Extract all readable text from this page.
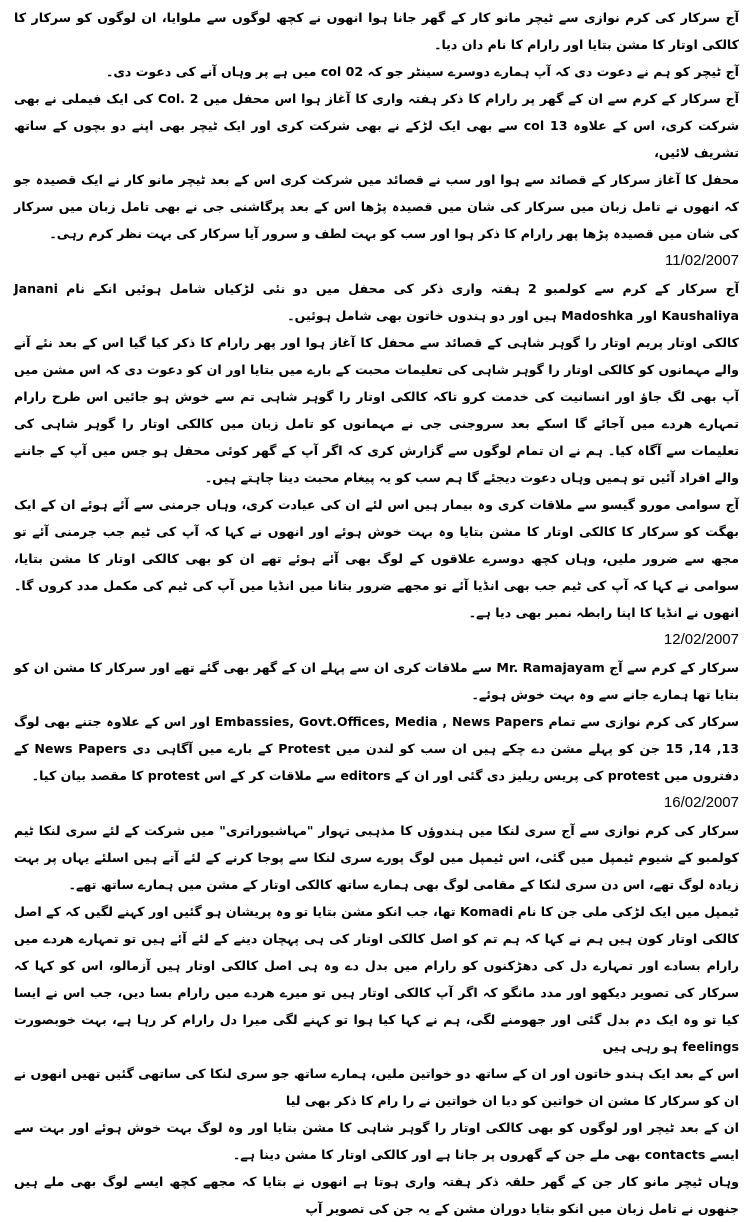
آج سرکار کی کرم نوازی سے ٹیچر مانو کار کے گھر جانا ہوا انھوں نے کچھ لوگوں سے ملوایا، ان لوگوں کو سرکار کا کالکی اوتار کا مشن بتایا اور رارام کا نام دان دیا۔

آج ٹیچر کو ہم نے دعوت دی کہ آپ ہمارے دوسرے سینٹر جو کہ 02 col میں ہے پر وہاں آنے کی دعوت دی۔

آج سرکار کے کرم سے ان کے گھر پر رارام کا ذکر ہفتہ واری کا آغاز ہوا اس محفل میں Col. 2 کی ایک فیملی نے بھی شرکت کری، اس کے علاوہ col 13 سے بھی ایک لڑکے نے بھی شرکت کری اور ایک ٹیچر بھی اپنے دو بچوں کے ساتھ تشریف لائیں،

محفل کا آغاز سرکار کے قصائد سے ہوا اور سب نے قصائد میں شرکت کری اس کے بعد ٹیچر مانو کار نے ایک قصیدہ جو کہ انھوں نے تامل زبان میں سرکار کی شان میں قصیدہ پڑھا اس کے بعد پرگاشنی جی نے بھی تامل زبان میں سرکار کی شان میں قصیدہ پڑھا پھر رارام کا ذکر ہوا اور سب کو بہت لطف و سرور آیا سرکار کی بہت نظر کرم رہی۔

11/02/2007

آج سرکار کے کرم سے کولمبو 2 ہفتہ واری ذکر کی محفل میں دو نئی لڑکیاں شامل ہوئیں انکے نام Janani Kaushaliya اور Madoshka ہیں اور دو ہندوں خاتون بھی شامل ہوئیں۔

کالکی اوتار پریم اوتار را گوہر شاہی کے قصائد سے محفل کا آغاز ہوا اور پھر رارام کا ذکر کیا گیا اس کے بعد نئے آنے والے مہمانوں کو کالکی اوتار را گوہر شاہی کی تعلیمات محبت کے بارے میں بتایا اور ان کو دعوت دی کہ اس مشن میں آپ بھی لگ جاؤ اور انسانیت کی خدمت کرو تاکہ کالکی اوتار را گوہر شاہی تم سے خوش ہو جائیں اس طرح رارام تمہارے ھردے میں آجائے گا اسکے بعد سروجنی جی نے مہمانوں کو تامل زبان میں کالکی اوتار را گوہر شاہی کی تعلیمات سے آگاہ کیا۔ ہم نے ان تمام لوگوں سے گزارش کری کہ اگر آپ کے گھر کوئی محفل ہو جس میں آپ کے جاننے والے افراد آئیں تو ہمیں وہاں دعوت دیجئے گا ہم سب کو یہ پیغام محبت دینا چاہتے ہیں۔

آج سوامی مورو گیسو سے ملاقات کری وہ بیمار ہیں اس لئے ان کی عیادت کری، وہاں جرمنی سے آئے ہوئے ان کے ایک بھگت کو سرکار کا کالکی اوتار کا مشن بتایا وہ بہت خوش ہوئے اور انھوں نے کہا کہ آپ کی ٹیم جب جرمنی آئے تو مجھ سے ضرور ملیں، وہاں کچھ دوسرے علاقوں کے لوگ بھی آئے ہوئے تھے ان کو بھی کالکی اوتار کا مشن بتایا، سوامی نے کہا کہ آپ کی ٹیم جب بھی انڈیا آئے تو مجھے ضرور بتانا میں انڈیا میں آپ کی ٹیم کی مکمل مدد کروں گا۔ انھوں نے انڈیا کا اپنا رابطہ نمبر بھی دیا ہے۔

12/02/2007

سرکار کے کرم سے آج Mr. Ramajayam سے ملاقات کری ان سے پہلے ان کے گھر بھی گئے تھے اور سرکار کا مشن ان کو بتایا تھا ہمارے جانے سے وہ بہت خوش ہوئے۔

سرکار کی کرم نوازی سے تمام Embassies, Govt.Offices, Media , News Papers اور اس کے علاوہ جتنے بھی لوگ 13, 14, 15 جن کو پہلے مشن دے چکے ہیں ان سب کو لندن میں Protest کے بارے میں آگاہی دی News Papers کے دفتروں میں protest کی پریس ریلیز دی گئی اور ان کے editors سے ملاقات کر کے اس protest کا مقصد بیان کیا۔

16/02/2007

سرکار کی کرم نوازی سے آج سری لنکا میں ہندوؤں کا مذہبی تہوار "مہاشیوراتری" میں شرکت کے لئے سری لنکا ٹیم کولمبو کے شیوم ٹیمپل میں گئی، اس ٹیمپل میں لوگ پورے سری لنکا سے پوجا کرنے کے لئے آتے ہیں اسلئے یہاں پر بہت زیادہ لوگ تھے، اس دن سری لنکا کے مقامی لوگ بھی ہمارے ساتھ کالکی اوتار کے مشن میں ہمارے ساتھ تھے۔

ٹیمپل میں ایک لڑکی ملی جن کا نام Komadi تھا، جب انکو مشن بتایا تو وہ پریشان ہو گئیں اور کہنے لگیں کہ کے اصل کالکی اوتار کون ہیں ہم نے کہا کہ ہم تم کو اصل کالکی اوتار کی ہی پہچان دینے کے لئے آئے ہیں تو تمہارے ھردے میں رارام بسادے اور تمہارے دل کی دھڑکنوں کو رارام میں بدل دے وہ ہی اصل کالکی اوتار ہیں آزمالو، اس کو کہا کہ سرکار کی تصویر دیکھو اور مدد مانگو کہ اگر آپ کالکی اوتار ہیں تو میرے ھردے میں رارام بسا دیں، جب اس نے ایسا کیا تو وہ ایک دم بدل گئی اور جھومنے لگی، ہم نے کہا کیا ہوا تو کہنے لگی میرا دل رارام کر رہا ہے، بہت خوبصورت feelings ہو رہی ہیں

اس کے بعد ایک ہندو خاتون اور ان کے ساتھ دو خواتین ملیں، ہمارے ساتھ جو سری لنکا کی ساتھی گئیں تھیں انھوں نے ان کو سرکار کا مشن ان خواتین کو دیا ان خواتین نے را رام کا ذکر بھی لیا

ان کے بعد ٹیچر اور لوگوں کو بھی کالکی اوتار را گوہر شاہی کا مشن بتایا اور وہ لوگ بہت خوش ہوئے اور بہت سے ایسے contacts بھی ملے جن کے گھروں پر جانا ہے اور کالکی اوتار کا مشن دینا ہے۔

وہاں ٹیچر مانو کار جن کے گھر حلقہ ذکر ہفتہ واری ہوتا ہے انھوں نے بتایا کہ مجھے کچھ ایسے لوگ بھی ملے ہیں جنھوں نے تامل زبان میں انکو بتایا دوران مشن کے یہ جن کی تصویر آپ
